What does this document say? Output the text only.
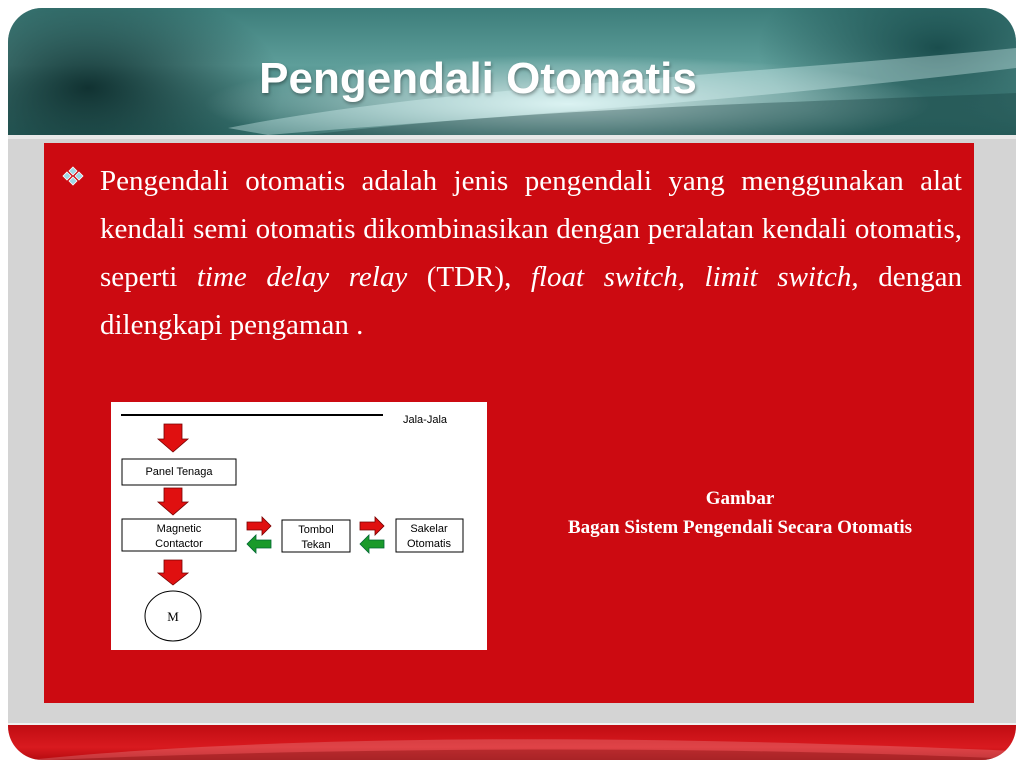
Pengendali Otomatis
Pengendali otomatis adalah jenis pengendali yang menggunakan alat kendali semi otomatis dikombinasikan dengan peralatan kendali otomatis, seperti time delay relay (TDR), float switch, limit switch, dengan dilengkapi pengaman .
Jala-Jala
Panel Tenaga
Magnetic
Contactor
Tombol
Tekan
Sakelar
Otomatis
M
Gambar
Bagan Sistem Pengendali Secara Otomatis
